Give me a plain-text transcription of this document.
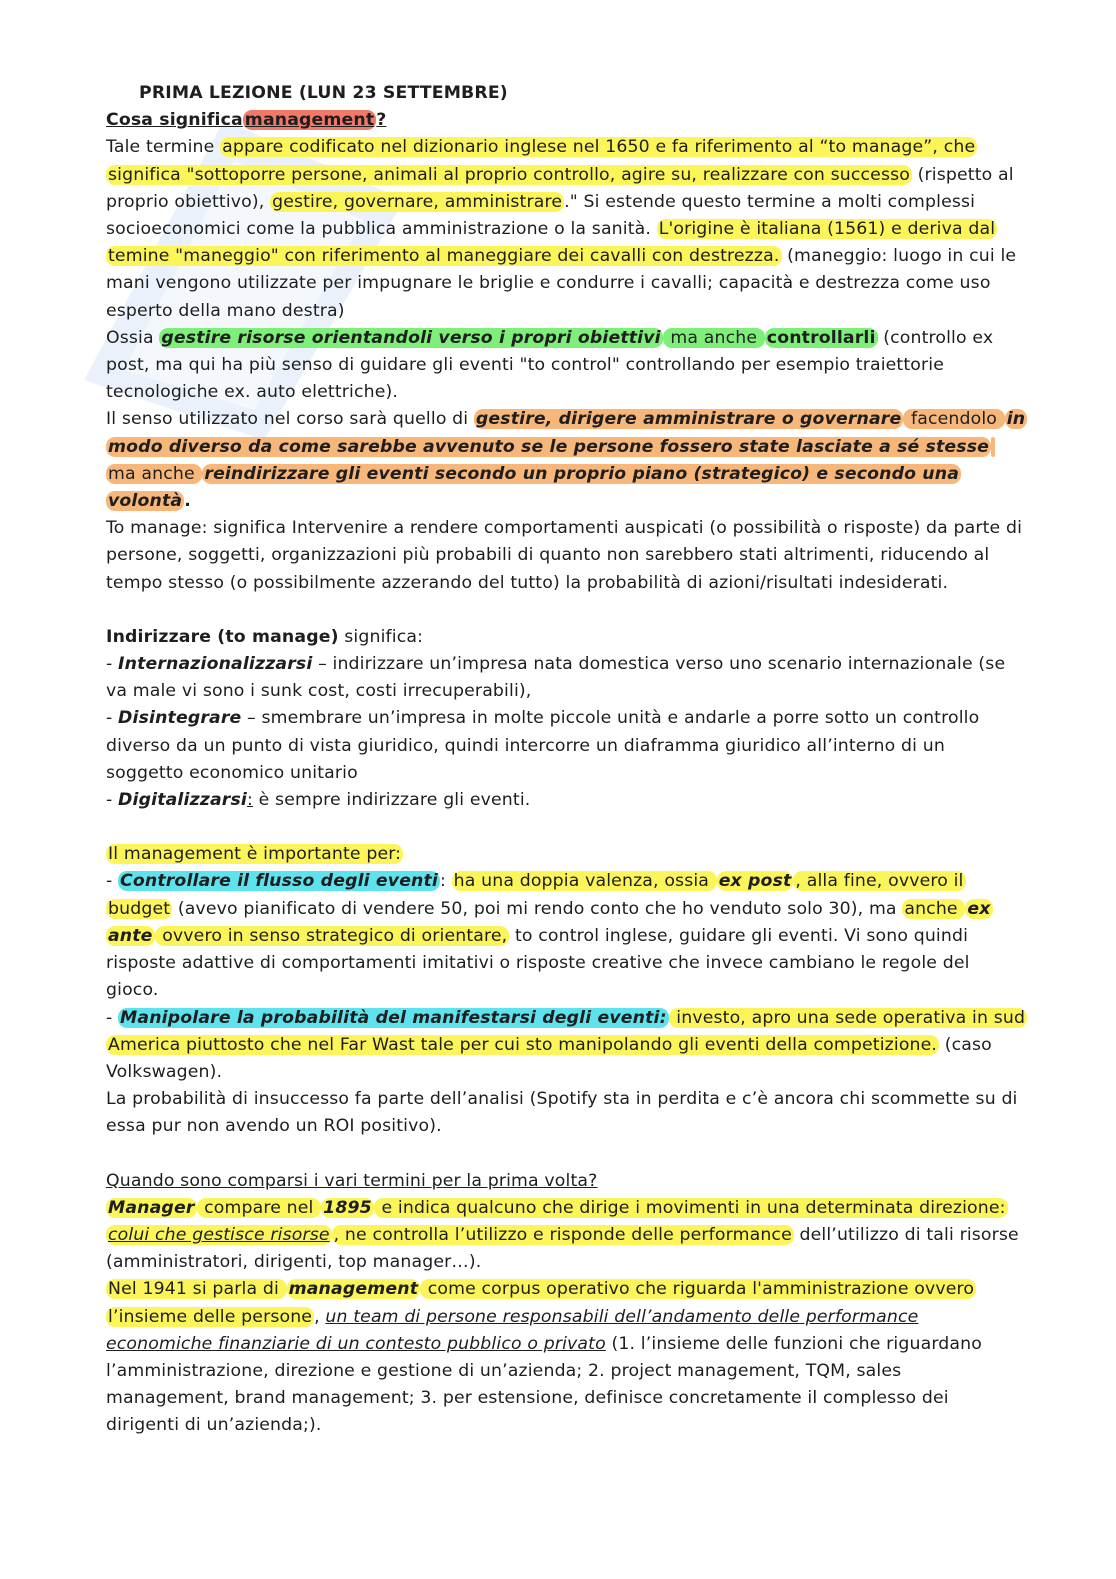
PRIMA LEZIONE (LUN 23 SETTEMBRE)
Cosa significa management ?

Tale termine appare codificato nel dizionario inglese nel 1650 e fa riferimento al “to manage”, che significa "sottoporre persone, animali al proprio controllo, agire su, realizzare con successo (rispetto al proprio obiettivo), gestire, governare, amministrare ." Si estende questo termine a molti complessi socioeconomici come la pubblica amministrazione o la sanità. L'origine è italiana (1561) e deriva dal temine "maneggio" con riferimento al maneggiare dei cavalli con destrezza. (maneggio: luogo in cui le mani vengono utilizzate per impugnare le briglie e condurre i cavalli; capacità e destrezza come uso esperto della mano destra)

Ossia gestire risorse orientandoli verso i propri obiettivi ma anche controllarli (controllo ex post, ma qui ha più senso di guidare gli eventi "to control" controllando per esempio traiettorie tecnologiche ex. auto elettriche).

Il senso utilizzato nel corso sarà quello di gestire, dirigere amministrare o governare facendolo in modo diverso da come sarebbe avvenuto se le persone fossero state lasciate a sé stesse ma anche reindirizzare gli eventi secondo un proprio piano (strategico) e secondo una volontà .

To manage: significa Intervenire a rendere comportamenti auspicati (o possibilità o risposte) da parte di persone, soggetti, organizzazioni più probabili di quanto non sarebbero stati altrimenti, riducendo al tempo stesso (o possibilmente azzerando del tutto) la probabilità di azioni/risultati indesiderati.

Indirizzare (to manage) significa:

- Internazionalizzarsi – indirizzare un’impresa nata domestica verso uno scenario internazionale (se va male vi sono i sunk cost, costi irrecuperabili),

- Disintegrare – smembrare un’impresa in molte piccole unità e andarle a porre sotto un controllo diverso da un punto di vista giuridico, quindi intercorre un diaframma giuridico all’interno di un soggetto economico unitario

- Digitalizzarsi: è sempre indirizzare gli eventi.

Il management è importante per:

- Controllare il flusso degli eventi : ha una doppia valenza, ossia ex post , alla fine, ovvero il budget (avevo pianificato di vendere 50, poi mi rendo conto che ho venduto solo 30), ma anche ex ante ovvero in senso strategico di orientare, to control inglese, guidare gli eventi. Vi sono quindi risposte adattive di comportamenti imitativi o risposte creative che invece cambiano le regole del gioco.

- Manipolare la probabilità del manifestarsi degli eventi: investo, apro una sede operativa in sud America piuttosto che nel Far Wast tale per cui sto manipolando gli eventi della competizione. (caso Volkswagen).

La probabilità di insuccesso fa parte dell’analisi (Spotify sta in perdita e c’è ancora chi scommette su di essa pur non avendo un ROI positivo).

Quando sono comparsi i vari termini per la prima volta?

Manager compare nel 1895 e indica qualcuno che dirige i movimenti in una determinata direzione: colui che gestisce risorse , ne controlla l’utilizzo e risponde delle performance dell’utilizzo di tali risorse (amministratori, dirigenti, top manager…).

Nel 1941 si parla di management come corpus operativo che riguarda l'amministrazione ovvero l’insieme delle persone , un team di persone responsabili dell’andamento delle performance economiche finanziarie di un contesto pubblico o privato (1. l’insieme delle funzioni che riguardano l’amministrazione, direzione e gestione di un’azienda; 2. project management, TQM, sales management, brand management; 3. per estensione, definisce concretamente il complesso dei dirigenti di un’azienda;).
